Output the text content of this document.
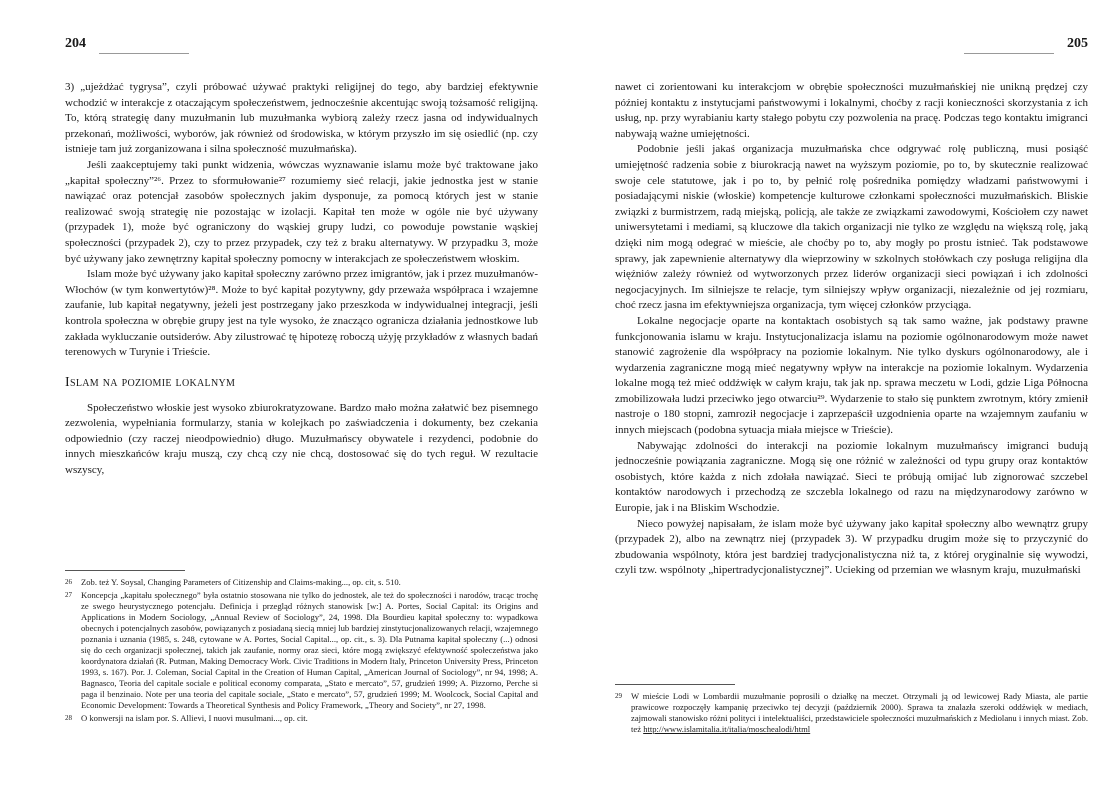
204

3) „ujeżdżać tygrysa”, czyli próbować używać praktyki religijnej do tego, aby bardziej efektywnie wchodzić w interakcje z otaczającym społeczeństwem, jednocześnie akcentując swoją tożsamość religijną. To, którą strategię dany muzułmanin lub muzułmanka wybiorą zależy rzecz jasna od indywidualnych przekonań, możliwości, wyborów, jak również od środowiska, w którym przyszło im się osiedlić (np. czy istnieje tam już zorganizowana i silna społeczność muzułmańska).

Jeśli zaakceptujemy taki punkt widzenia, wówczas wyznawanie islamu może być traktowane jako „kapitał społeczny”²⁶. Przez to sformułowanie²⁷ rozumiemy sieć relacji, jakie jednostka jest w stanie nawiązać oraz potencjał zasobów społecznych jakim dysponuje, za pomocą których jest w stanie realizować swoją strategię nie pozostając w izolacji. Kapitał ten może w ogóle nie być używany (przypadek 1), może być ograniczony do wąskiej grupy ludzi, co powoduje powstanie wąskiej społeczności (przypadek 2), czy to przez przypadek, czy też z braku alternatywy. W przypadku 3, może być używany jako zewnętrzny kapitał społeczny pomocny w interakcjach ze społeczeństwem włoskim.

Islam może być używany jako kapitał społeczny zarówno przez imigrantów, jak i przez muzułmanów-Włochów (w tym konwertytów)²⁸. Może to być kapitał pozytywny, gdy przeważa współpraca i wzajemne zaufanie, lub kapitał negatywny, jeżeli jest postrzegany jako przeszkoda w indywidualnej integracji, jeśli kontrola społeczna w obrębie grupy jest na tyle wysoko, że znacząco ogranicza działania jednostkowe lub zakłada wykluczanie outsiderów. Aby zilustrować tę hipotezę roboczą użyję przykładów z własnych badań terenowych w Turynie i Trieście.

Islam na poziomie lokalnym

Społeczeństwo włoskie jest wysoko zbiurokratyzowane. Bardzo mało można załatwić bez pisemnego zezwolenia, wypełniania formularzy, stania w kolejkach po zaświadczenia i dokumenty, bez czekania odpowiednio (czy raczej nieodpowiednio) długo. Muzułmańscy obywatele i rezydenci, podobnie do innych mieszkańców kraju muszą, czy chcą czy nie chcą, dostosować się do tych reguł. W rezultacie wszyscy,

26 Zob. też Y. Soysal, Changing Parameters of Citizenship and Claims-making..., op. cit, s. 510.
27 Koncepcja „kapitału społecznego” była ostatnio stosowana nie tylko do jednostek, ale też do społeczności i narodów, tracąc trochę ze swego heurystycznego potencjału. Definicja i przegląd różnych stanowisk [w:] A. Portes, Social Capital: its Origins and Applications in Modern Sociology, „Annual Review of Sociology”, 24, 1998. Dla Bourdieu kapitał społeczny to: wypadkowa obecnych i potencjalnych zasobów, powiązanych z posiadaną siecią mniej lub bardziej zinstytucjonalizowanych relacji, wzajemnego poznania i uznania (1985, s. 248, cytowane w A. Portes, Social Capital..., op. cit., s. 3). Dla Putnama kapitał społeczny (...) odnosi się do cech organizacji społecznej, takich jak zaufanie, normy oraz sieci, które mogą zwiększyć efektywność społeczeństwa jako koordynatora działań (R. Putman, Making Democracy Work. Civic Traditions in Modern Italy, Princeton University Press, Princeton 1993, s. 167). Por. J. Coleman, Social Capital in the Creation of Human Capital, „American Journal of Sociology”, nr 94, 1998; A. Bagnasco, Teoria del capitale sociale e political economy comparata, „Stato e mercato”, 57, grudzień 1999; A. Pizzorno, Perche si paga il benzinaio. Note per una teoria del capitale sociale, „Stato e mercato”, 57, grudzień 1999; M. Woolcock, Social Capital and Economic Development: Towards a Theoretical Synthesis and Policy Framework, „Theory and Society”, nr 27, 1998.
28 O konwersji na islam por. S. Allievi, I nuovi musulmani..., op. cit.
205

nawet ci zorientowani ku interakcjom w obrębie społeczności muzułmańskiej nie unikną prędzej czy później kontaktu z instytucjami państwowymi i lokalnymi, choćby z racji konieczności skorzystania z ich usług, np. przy wyrabianiu karty stałego pobytu czy pozwolenia na pracę. Podczas tego kontaktu imigranci nabywają ważne umiejętności.

Podobnie jeśli jakaś organizacja muzułmańska chce odgrywać rolę publiczną, musi posiąść umiejętność radzenia sobie z biurokracją nawet na wyższym poziomie, po to, by skutecznie realizować swoje cele statutowe, jak i po to, by pełnić rolę pośrednika pomiędzy władzami państwowymi i posiadającymi niskie (włoskie) kompetencje kulturowe członkami społeczności muzułmańskich. Bliskie związki z burmistrzem, radą miejską, policją, ale także ze związkami zawodowymi, Kościołem czy nawet uniwersytetami i mediami, są kluczowe dla takich organizacji nie tylko ze względu na większą rolę, jaką dzięki nim mogą odegrać w mieście, ale choćby po to, aby mogły po prostu istnieć. Tak podstawowe sprawy, jak zapewnienie alternatywy dla wieprzowiny w szkolnych stołówkach czy posługa religijna dla więźniów zależy również od wytworzonych przez liderów organizacji sieci powiązań i ich zdolności negocjacyjnych. Im silniejsze te relacje, tym silniejszy wpływ organizacji, niezależnie od jej rozmiaru, choć rzecz jasna im efektywniejsza organizacja, tym więcej członków przyciąga.

Lokalne negocjacje oparte na kontaktach osobistych są tak samo ważne, jak podstawy prawne funkcjonowania islamu w kraju. Instytucjonalizacja islamu na poziomie ogólnonarodowym może nawet stanowić zagrożenie dla współpracy na poziomie lokalnym. Nie tylko dyskurs ogólnonarodowy, ale i wydarzenia zagraniczne mogą mieć negatywny wpływ na interakcje na poziomie lokalnym. Wydarzenia lokalne mogą też mieć oddźwięk w całym kraju, tak jak np. sprawa meczetu w Lodi, gdzie Liga Północna zmobilizowała ludzi przeciwko jego otwarciu²⁹. Wydarzenie to stało się punktem zwrotnym, który zmienił nastroje o 180 stopni, zamroził negocjacje i zaprzepaścił uzgodnienia oparte na wzajemnym zaufaniu w innych miejscach (podobna sytuacja miała miejsce w Trieście).

Nabywając zdolności do interakcji na poziomie lokalnym muzułmańscy imigranci budują jednocześnie powiązania zagraniczne. Mogą się one różnić w zależności od typu grupy oraz kontaktów osobistych, które każda z nich zdołała nawiązać. Sieci te próbują omijać lub zignorować szczebel kontaktów narodowych i przechodzą ze szczebla lokalnego od razu na międzynarodowy zarówno w Europie, jak i na Bliskim Wschodzie.

Nieco powyżej napisałam, że islam może być używany jako kapitał społeczny albo wewnątrz grupy (przypadek 2), albo na zewnątrz niej (przypadek 3). W przypadku drugim może się to przyczynić do zbudowania wspólnoty, która jest bardziej tradycjonalistyczna niż ta, z której oryginalnie się wywodzi, czyli tzw. wspólnoty „hipertradycjonalistycznej”. Ucieking od przemian we własnym kraju, muzułmański

29 W mieście Lodi w Lombardii muzułmanie poprosili o działkę na meczet. Otrzymali ją od lewicowej Rady Miasta, ale partie prawicowe rozpoczęły kampanię przeciwko tej decyzji (październik 2000). Sprawa ta znalazła szeroki oddźwięk w mediach, zajmowali stanowisko różni polityci i intelektualiści, przedstawiciele społeczności muzułmańskich z Mediolanu i innych miast. Zob. też http://www.islamitalia.it/italia/moschealodi/html
